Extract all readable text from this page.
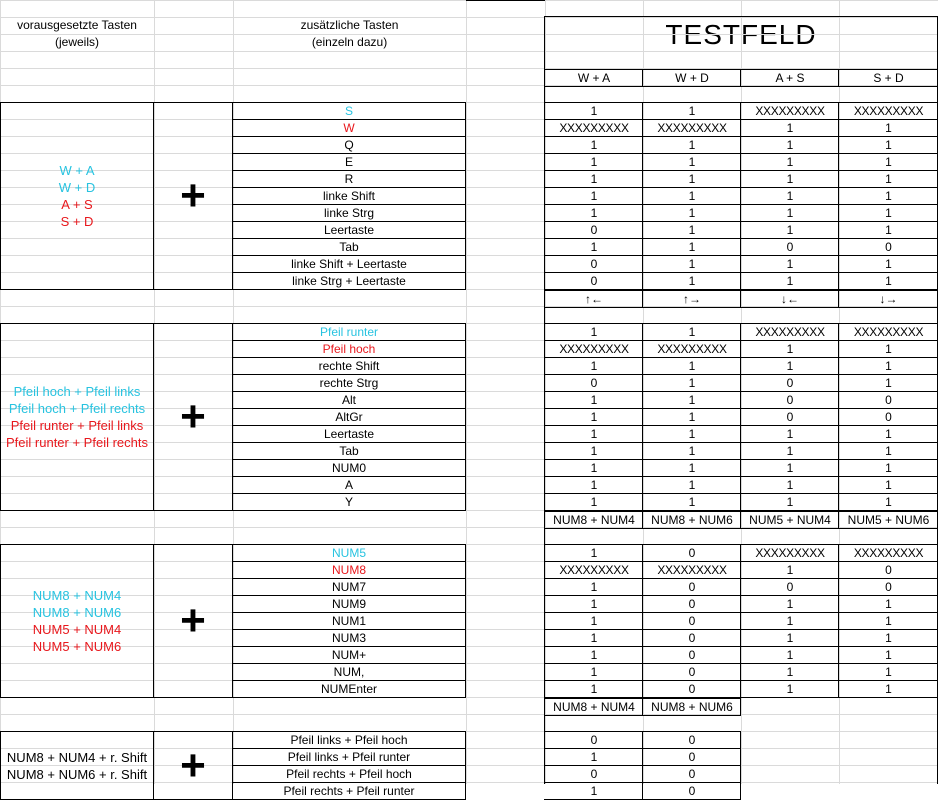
vorausgesetzte Tasten
(jeweils)
zusätzliche Tasten
(einzeln dazu)
W + A
W + D
A + S
S + D
+
W + A	W + D	A + S	S + D
S	1	1	XXXXXXXXX	XXXXXXXXX
W	XXXXXXXXX	XXXXXXXXX	1	1
Q	1	1	1	1
E	1	1	1	1
R	1	1	1	1
linke Shift	1	1	1	1
linke Strg	1	1	1	1
Leertaste	0	1	1	1
Tab	1	1	0	0
linke Shift + Leertaste	0	1	1	1
linke Strg + Leertaste	0	1	1	1
Pfeil hoch + Pfeil links
Pfeil hoch + Pfeil rechts
Pfeil runter + Pfeil links
Pfeil runter + Pfeil rechts
+
↑←	↑→	↓←	↓→
Pfeil runter	1	1	XXXXXXXXX	XXXXXXXXX
Pfeil hoch	XXXXXXXXX	XXXXXXXXX	1	1
rechte Shift	1	1	1	1
rechte Strg	0	1	0	1
Alt	1	1	0	0
AltGr	1	1	0	0
Leertaste	1	1	1	1
Tab	1	1	1	1
NUM0	1	1	1	1
A	1	1	1	1
Y	1	1	1	1
NUM8 + NUM4
NUM8 + NUM6
NUM5 + NUM4
NUM5 + NUM6
+
NUM8 + NUM4	NUM8 + NUM6	NUM5 + NUM4	NUM5 + NUM6
NUM5	1	0	XXXXXXXXX	XXXXXXXXX
NUM8	XXXXXXXXX	XXXXXXXXX	1	0
NUM7	1	0	0	0
NUM9	1	0	1	1
NUM1	1	0	1	1
NUM3	1	0	1	1
NUM+	1	0	1	1
NUM,	1	0	1	1
NUMEnter	1	0	1	1
NUM8 + NUM4 + r. Shift
NUM8 + NUM6 + r. Shift +
NUM8 + NUM4	NUM8 + NUM6
Pfeil links + Pfeil hoch	0	0
Pfeil links + Pfeil runter	1	0
Pfeil rechts + Pfeil hoch	0	0
Pfeil rechts + Pfeil runter	1	0
